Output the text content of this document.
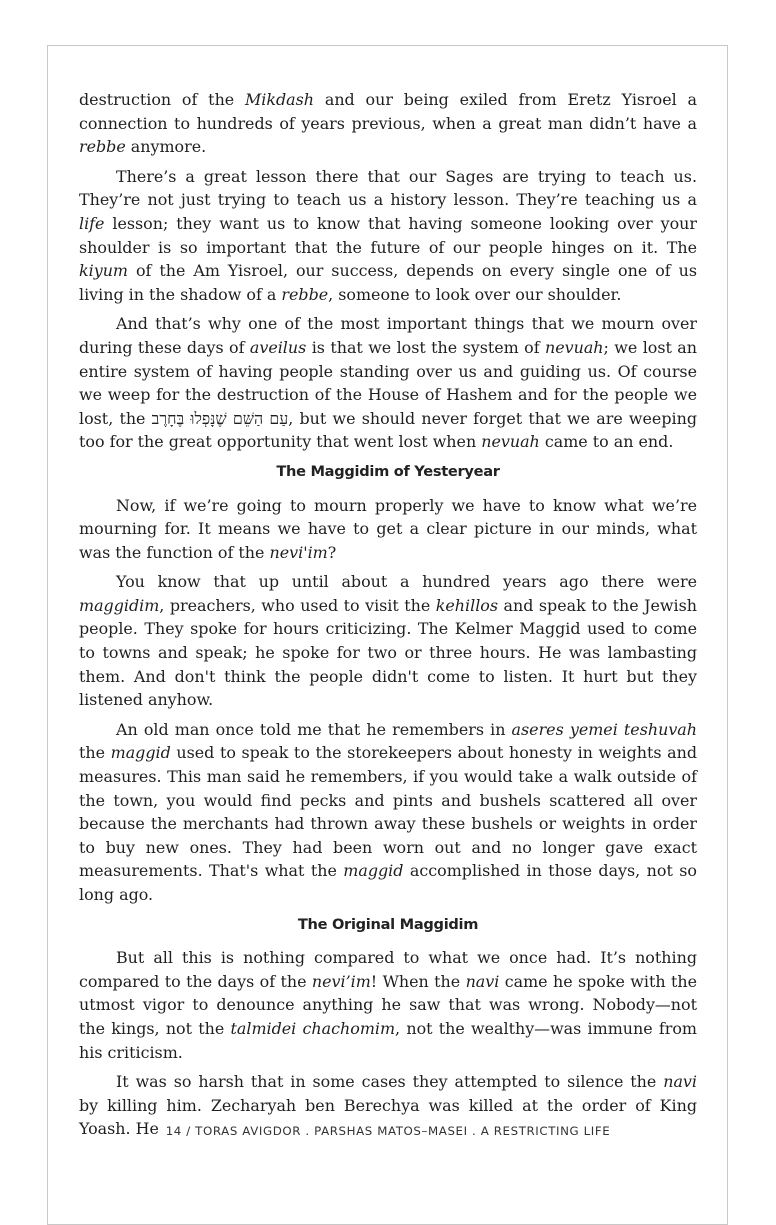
destruction of the Mikdash and our being exiled from Eretz Yisroel a connection to hundreds of years previous, when a great man didn’t have a rebbe anymore.

There’s a great lesson there that our Sages are trying to teach us. They’re not just trying to teach us a history lesson. They’re teaching us a life lesson; they want us to know that having someone looking over your shoulder is so important that the future of our people hinges on it. The kiyum of the Am Yisroel, our success, depends on every single one of us living in the shadow of a rebbe, someone to look over our shoulder.

And that’s why one of the most important things that we mourn over during these days of aveilus is that we lost the system of nevuah; we lost an entire system of having people standing over us and guiding us. Of course we weep for the destruction of the House of Hashem and for the people we lost, the עַם הַשֵּׁם שֶׁנָּפְלוּ בֶּחָרֶב, but we should never forget that we are weeping too for the great opportunity that went lost when nevuah came to an end.

The Maggidim of Yesteryear

Now, if we’re going to mourn properly we have to know what we’re mourning for. It means we have to get a clear picture in our minds, what was the function of the nevi'im?

You know that up until about a hundred years ago there were maggidim, preachers, who used to visit the kehillos and speak to the Jewish people. They spoke for hours criticizing. The Kelmer Maggid used to come to towns and speak; he spoke for two or three hours. He was lambasting them. And don't think the people didn't come to listen. It hurt but they listened anyhow.

An old man once told me that he remembers in aseres yemei teshuvah the maggid used to speak to the storekeepers about honesty in weights and measures. This man said he remembers, if you would take a walk outside of the town, you would find pecks and pints and bushels scattered all over because the merchants had thrown away these bushels or weights in order to buy new ones. They had been worn out and no longer gave exact measurements. That's what the maggid accomplished in those days, not so long ago.

The Original Maggidim

But all this is nothing compared to what we once had. It’s nothing compared to the days of the nevi’im! When the navi came he spoke with the utmost vigor to denounce anything he saw that was wrong. Nobody—not the kings, not the talmidei chachomim, not the wealthy—was immune from his criticism.

It was so harsh that in some cases they attempted to silence the navi by killing him. Zecharyah ben Berechya was killed at the order of King Yoash. He 14 / TORAS AVIGDOR . PARSHAS MATOS–MASEI . A RESTRICTING LIFE
